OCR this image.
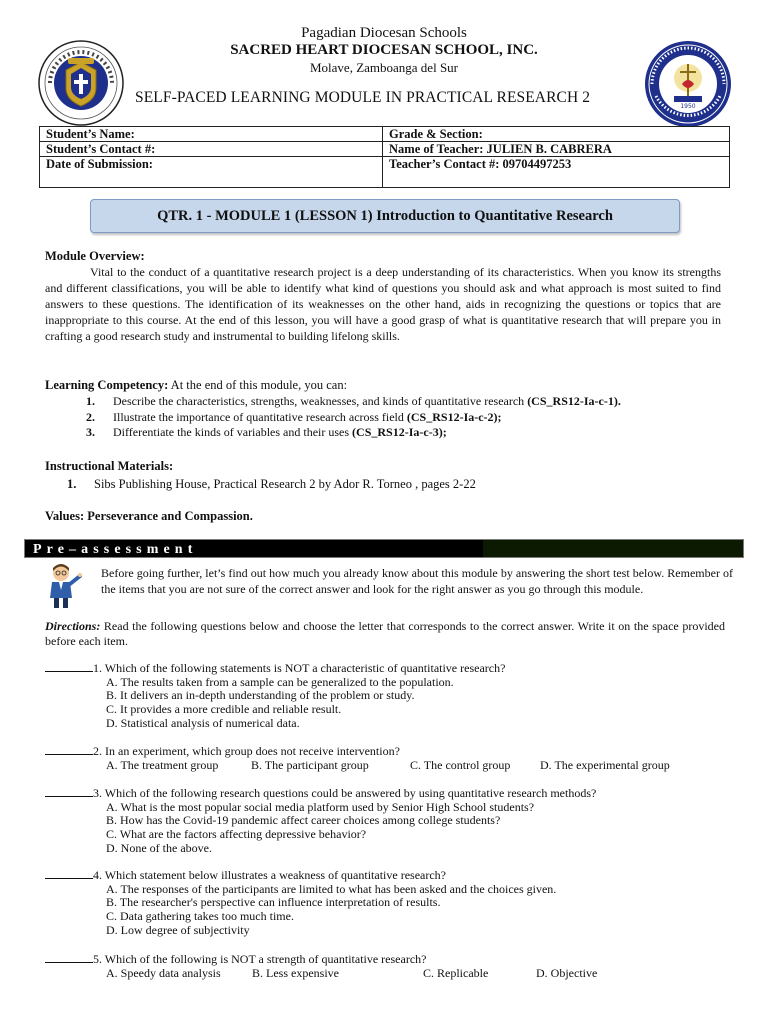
Pagadian Diocesan Schools
SACRED HEART DIOCESAN SCHOOL, INC.
Molave, Zamboanga del Sur
SELF-PACED LEARNING MODULE IN PRACTICAL RESEARCH 2
1950
Student’s Name:	Grade & Section:
Student’s Contact #:	Name of Teacher: JULIEN B. CABRERA
Date of Submission:	Teacher’s Contact #: 09704497253
QTR. 1 - MODULE 1 (LESSON 1) Introduction to Quantitative Research
Module Overview:
Vital to the conduct of a quantitative research project is a deep understanding of its characteristics. When you know its strengths and different classifications, you will be able to identify what kind of questions you should ask and what approach is most suited to find answers to these questions. The identification of its weaknesses on the other hand, aids in recognizing the questions or topics that are inappropriate to this course. At the end of this lesson, you will have a good grasp of what is quantitative research that will prepare you in crafting a good research study and instrumental to building lifelong skills.
Learning Competency: At the end of this module, you can:
1. Describe the characteristics, strengths, weaknesses, and kinds of quantitative research (CS_RS12-Ia-c-1).
2. Illustrate the importance of quantitative research across field (CS_RS12-Ia-c-2);
3. Differentiate the kinds of variables and their uses (CS_RS12-Ia-c-3);
Instructional Materials:
1. Sibs Publishing House, Practical Research 2 by Ador R. Torneo , pages 2-22
Values: Perseverance and Compassion.
Pre–assessment
Before going further, let’s find out how much you already know about this module by answering the short test below. Remember of the items that you are not sure of the correct answer and look for the right answer as you go through this module.
Directions: Read the following questions below and choose the letter that corresponds to the correct answer. Write it on the space provided before each item.
1. Which of the following statements is NOT a characteristic of quantitative research?
A. The results taken from a sample can be generalized to the population.
B. It delivers an in-depth understanding of the problem or study.
C. It provides a more credible and reliable result.
D. Statistical analysis of numerical data.
2. In an experiment, which group does not receive intervention?
A. The treatment group	B. The participant group	C. The control group	D. The experimental group
3. Which of the following research questions could be answered by using quantitative research methods?
A. What is the most popular social media platform used by Senior High School students?
B. How has the Covid-19 pandemic affect career choices among college students?
C. What are the factors affecting depressive behavior?
D. None of the above.
4. Which statement below illustrates a weakness of quantitative research?
A. The responses of the participants are limited to what has been asked and the choices given.
B. The researcher's perspective can influence interpretation of results.
C. Data gathering takes too much time.
D. Low degree of subjectivity
5. Which of the following is NOT a strength of quantitative research?
A. Speedy data analysis	B. Less expensive	C. Replicable	D. Objective
